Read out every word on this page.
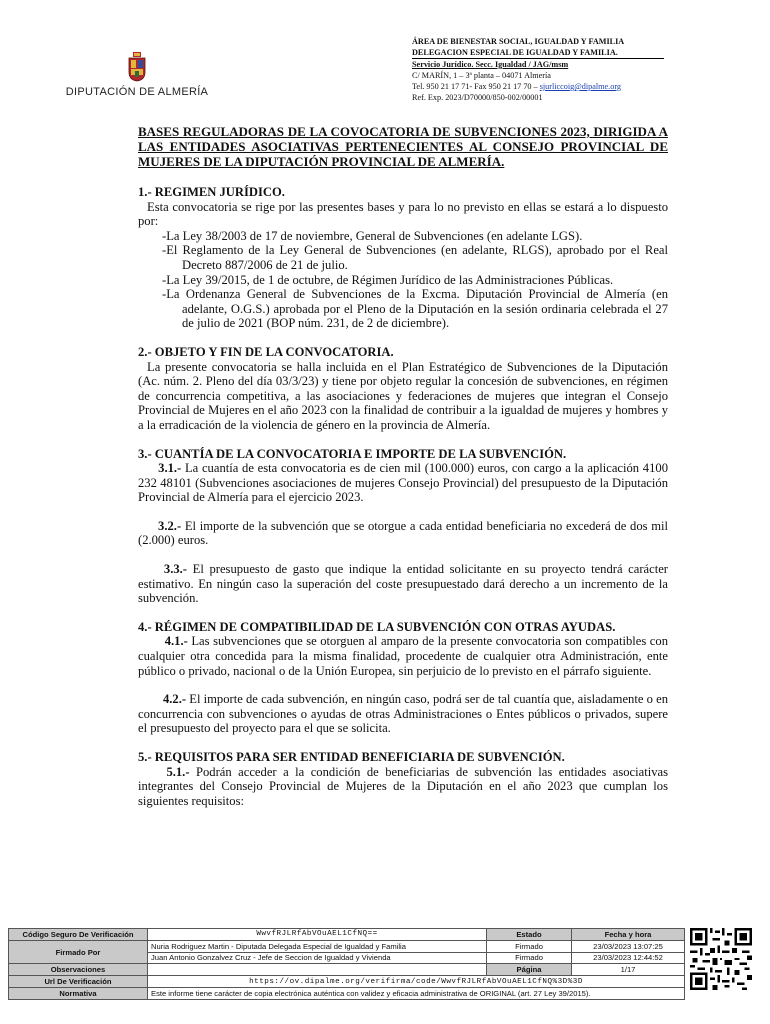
DIPUTACIÓN DE ALMERÍA
ÁREA DE BIENESTAR SOCIAL, IGUALDAD Y FAMILIA
DELEGACION ESPECIAL DE IGUALDAD Y FAMILIA.
Servicio Jurídico. Secc. Igualdad / JAG/msm
C/ MARÍN, 1 – 3ª planta – 04071 Almería
Tel. 950 21 17 71- Fax 950 21 17 70 – sjurliccoig@dipalme.org
Ref. Exp. 2023/D70000/850-002/00001

BASES REGULADORAS DE LA COVOCATORIA DE SUBVENCIONES 2023, DIRIGIDA A LAS ENTIDADES ASOCIATIVAS PERTENECIENTES AL CONSEJO PROVINCIAL DE MUJERES DE LA DIPUTACIÓN PROVINCIAL DE ALMERÍA.

1.- REGIMEN JURÍDICO.

Esta convocatoria se rige por las presentes bases y para lo no previsto en ellas se estará a lo dispuesto por:

-La Ley 38/2003 de 17 de noviembre, General de Subvenciones (en adelante LGS).

-El Reglamento de la Ley General de Subvenciones (en adelante, RLGS), aprobado por el Real Decreto 887/2006 de 21 de julio.

-La Ley 39/2015, de 1 de octubre, de Régimen Jurídico de las Administraciones Públicas.

-La Ordenanza General de Subvenciones de la Excma. Diputación Provincial de Almería (en adelante, O.G.S.) aprobada por el Pleno de la Diputación en la sesión ordinaria celebrada el 27 de julio de 2021 (BOP núm. 231, de 2 de diciembre).

2.- OBJETO Y FIN DE LA CONVOCATORIA.

La presente convocatoria se halla incluida en el Plan Estratégico de Subvenciones de la Diputación (Ac. núm. 2. Pleno del día 03/3/23) y tiene por objeto regular la concesión de subvenciones, en régimen de concurrencia competitiva, a las asociaciones y federaciones de mujeres que integran el Consejo Provincial de Mujeres en el año 2023 con la finalidad de contribuir a la igualdad de mujeres y hombres y a la erradicación de la violencia de género en la provincia de Almería.

3.- CUANTÍA DE LA CONVOCATORIA E IMPORTE DE LA SUBVENCIÓN.

3.1.- La cuantía de esta convocatoria es de cien mil (100.000) euros, con cargo a la aplicación 4100 232 48101 (Subvenciones asociaciones de mujeres Consejo Provincial) del presupuesto de la Diputación Provincial de Almería para el ejercicio 2023.

3.2.- El importe de la subvención que se otorgue a cada entidad beneficiaria no excederá de dos mil (2.000) euros.

3.3.- El presupuesto de gasto que indique la entidad solicitante en su proyecto tendrá carácter estimativo. En ningún caso la superación del coste presupuestado dará derecho a un incremento de la subvención.

4.- RÉGIMEN DE COMPATIBILIDAD DE LA SUBVENCIÓN CON OTRAS AYUDAS.

4.1.- Las subvenciones que se otorguen al amparo de la presente convocatoria son compatibles con cualquier otra concedida para la misma finalidad, procedente de cualquier otra Administración, ente público o privado, nacional o de la Unión Europea, sin perjuicio de lo previsto en el párrafo siguiente.

4.2.- El importe de cada subvención, en ningún caso, podrá ser de tal cuantía que, aisladamente o en concurrencia con subvenciones o ayudas de otras Administraciones o Entes públicos o privados, supere el presupuesto del proyecto para el que se solicita.

5.- REQUISITOS PARA SER ENTIDAD BENEFICIARIA DE SUBVENCIÓN.

5.1.- Podrán acceder a la condición de beneficiarias de subvención las entidades asociativas integrantes del Consejo Provincial de Mujeres de la Diputación en el año 2023 que cumplan los siguientes requisitos:

Código Seguro De Verificación	WwvfRJLRfAbVOuAEL1CfNQ==	Estado	Fecha y hora
Firmado Por	Nuria Rodriguez Martin - Diputada Delegada Especial de Igualdad y Familia	Firmado	23/03/2023 13:07:25
	Juan Antonio Gonzalvez Cruz - Jefe de Seccion de Igualdad y Vivienda	Firmado	23/03/2023 12:44:52
Observaciones		Página	1/17
Url De Verificación	https://ov.dipalme.org/verifirma/code/WwvfRJLRfAbVOuAEL1CfNQ%3D%3D		
Normativa	Este informe tiene carácter de copia electrónica auténtica con validez y eficacia administrativa de ORIGINAL (art. 27 Ley 39/2015).		
